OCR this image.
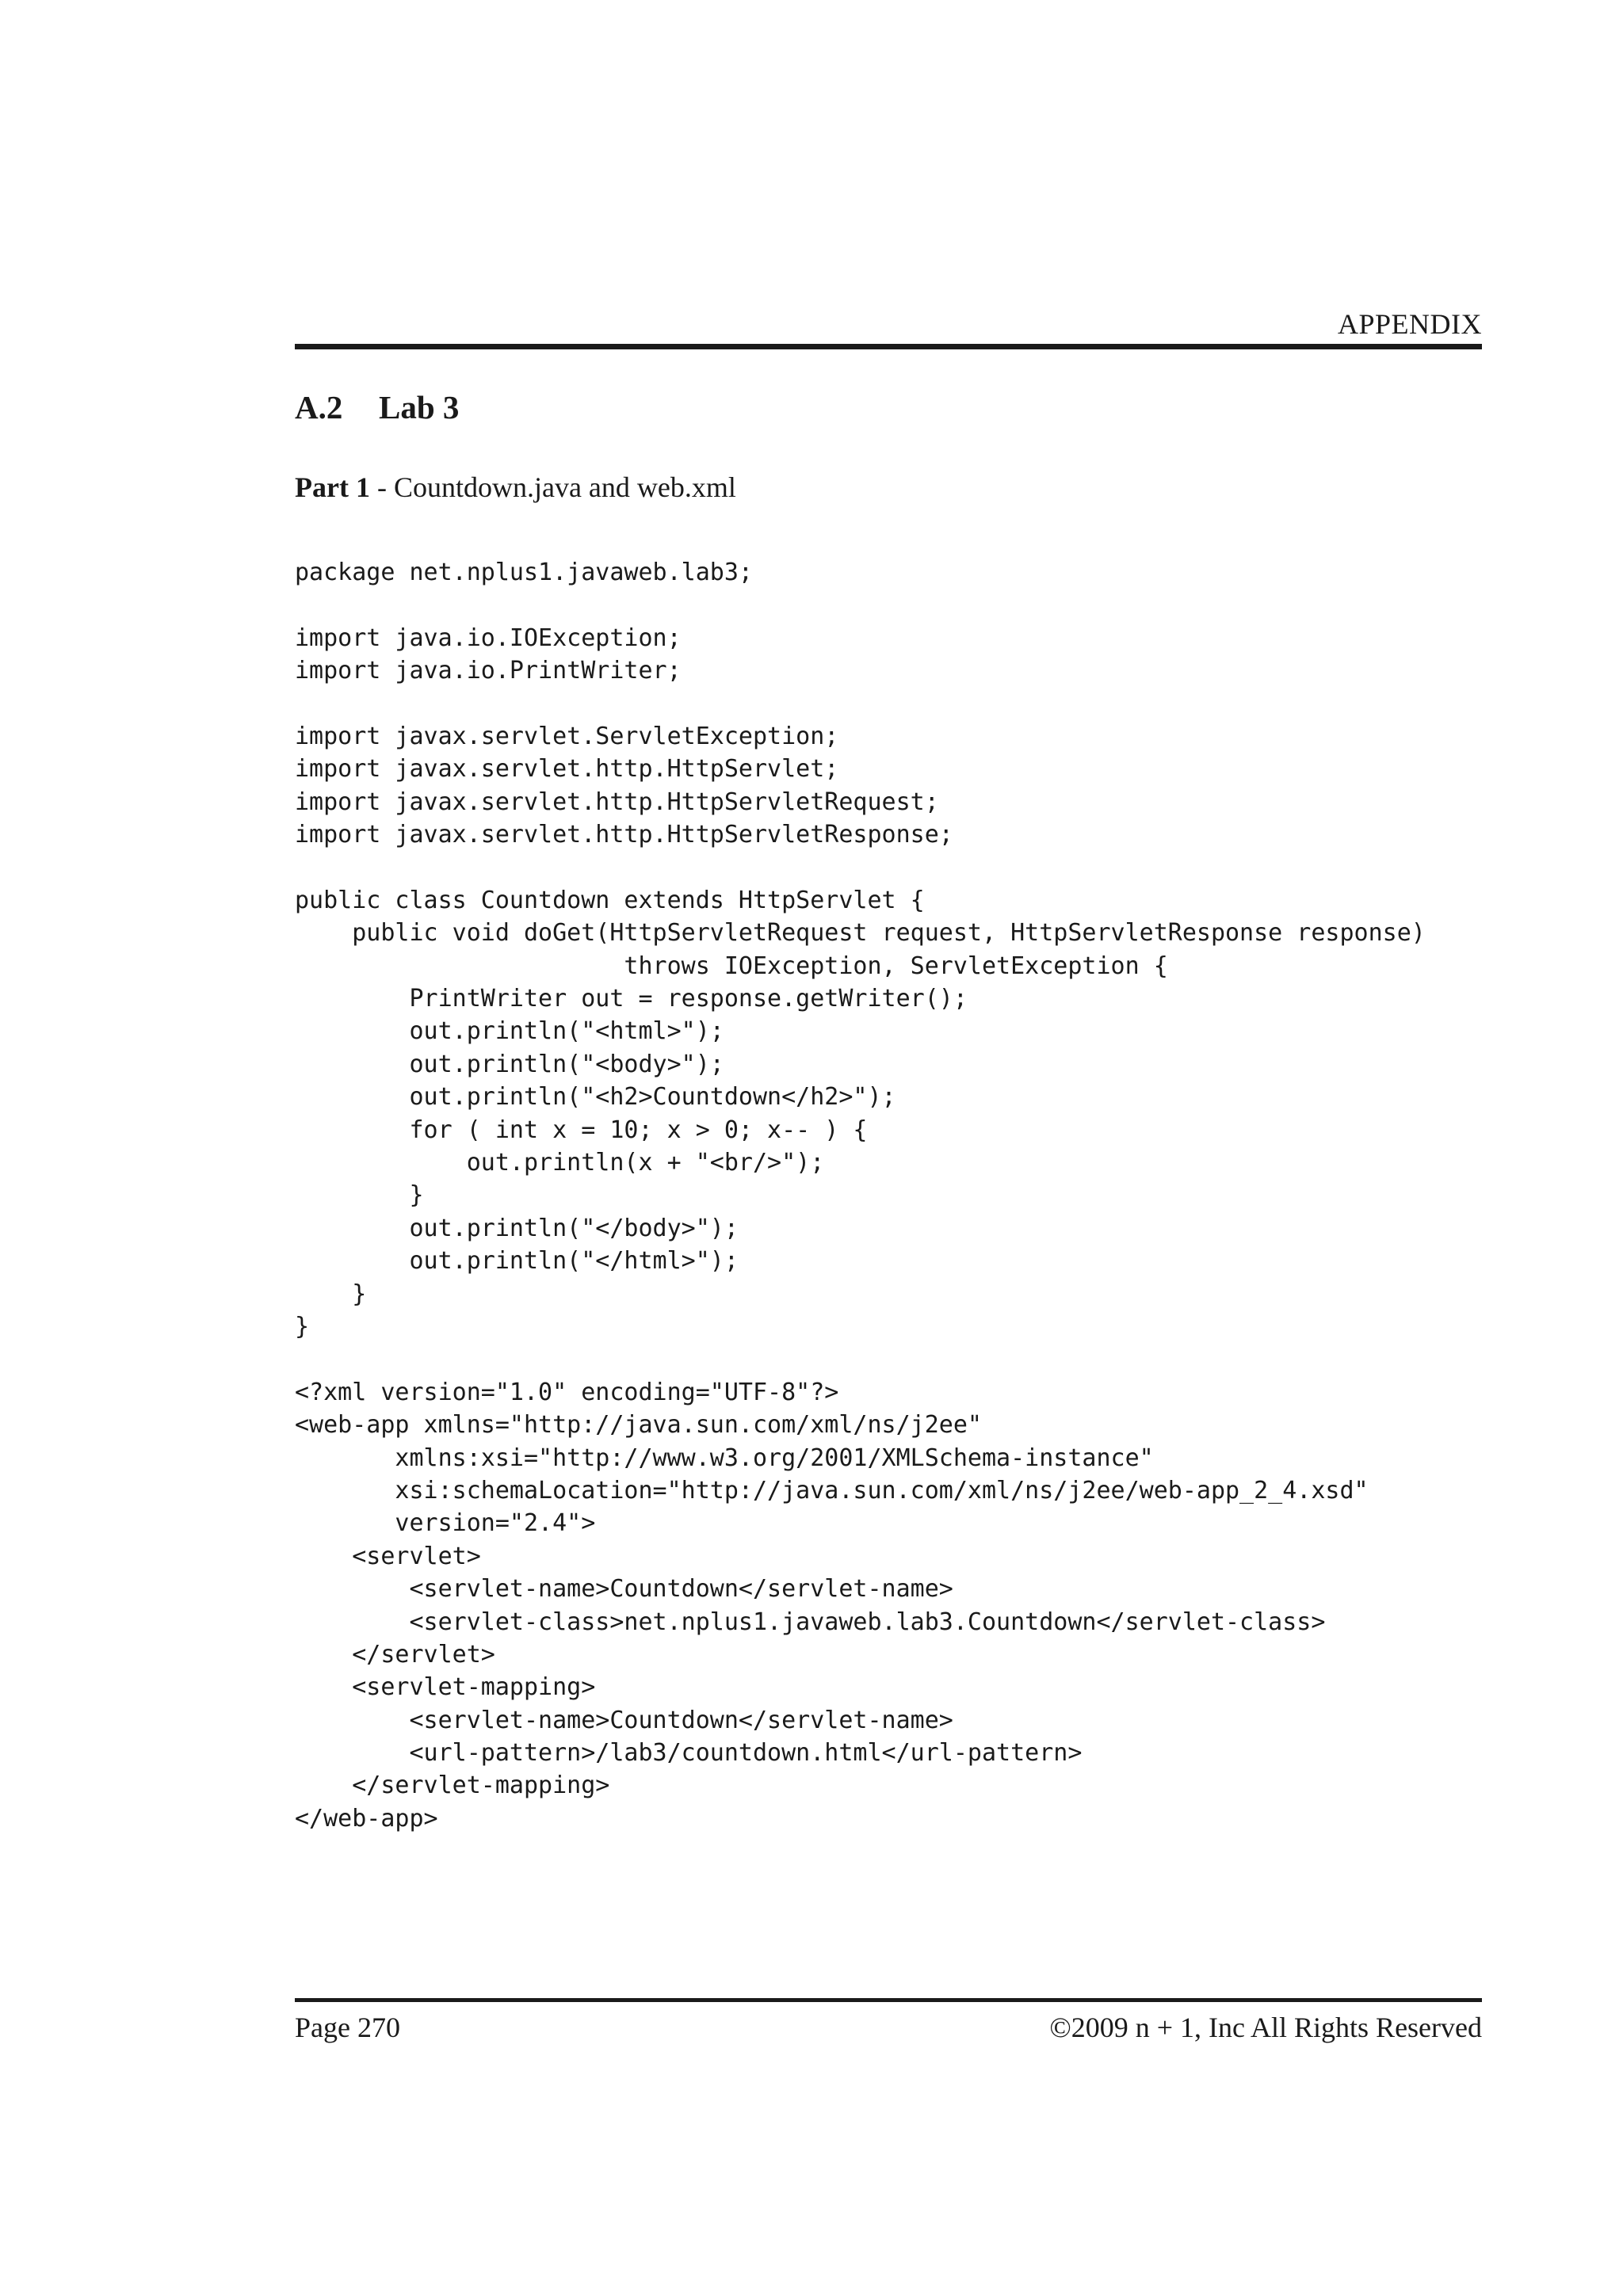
APPENDIX
A.2 Lab 3
Part 1 - Countdown.java and web.xml
package net.nplus1.javaweb.lab3;
import java.io.IOException;
import java.io.PrintWriter;
import javax.servlet.ServletException;
import javax.servlet.http.HttpServlet;
import javax.servlet.http.HttpServletRequest;
import javax.servlet.http.HttpServletResponse;
public class Countdown extends HttpServlet {
public void doGet(HttpServletRequest request, HttpServletResponse response)
throws IOException, ServletException {
PrintWriter out = response.getWriter();
out.println("<html>");
out.println("<body>");
out.println("<h2>Countdown</h2>");
for ( int x = 10; x > 0; x-- ) {
out.println(x + "<br/>");
}
out.println("</body>");
out.println("</html>");
}
}
<?xml version="1.0" encoding="UTF-8"?>
<web-app xmlns="http://java.sun.com/xml/ns/j2ee"
xmlns:xsi="http://www.w3.org/2001/XMLSchema-instance"
xsi:schemaLocation="http://java.sun.com/xml/ns/j2ee/web-app_2_4.xsd"
version="2.4">
<servlet>
<servlet-name>Countdown</servlet-name>
<servlet-class>net.nplus1.javaweb.lab3.Countdown</servlet-class>
</servlet>
<servlet-mapping>
<servlet-name>Countdown</servlet-name>
<url-pattern>/lab3/countdown.html</url-pattern>
</servlet-mapping>
</web-app>
Page 270	©2009 n + 1, Inc All Rights Reserved
